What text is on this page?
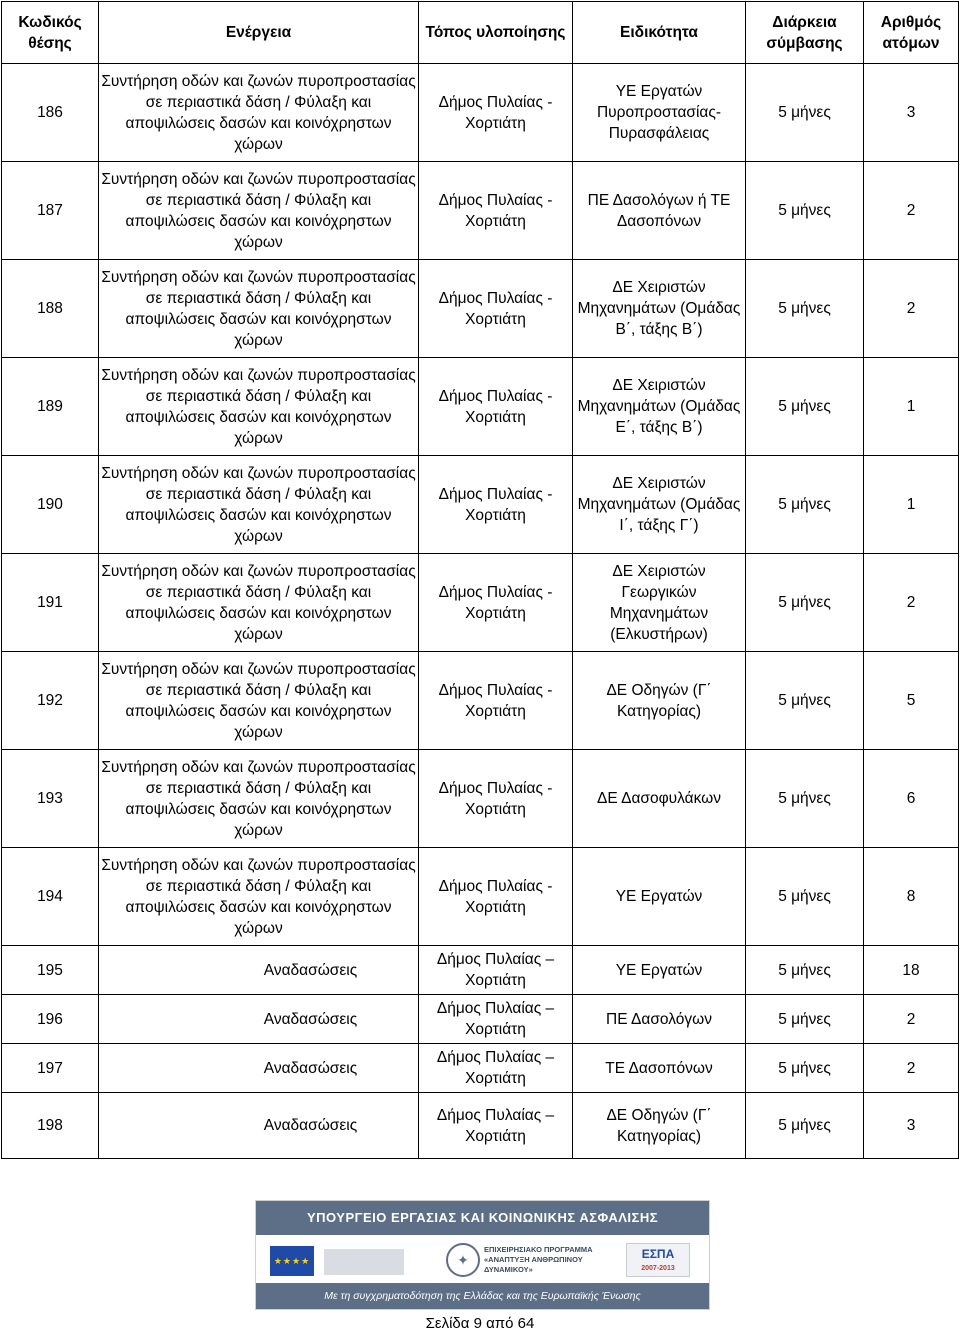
Κωδικός θέσης	Ενέργεια	Τόπος υλοποίησης	Ειδικότητα	Διάρκεια σύμβασης	Αριθμός ατόμων
186	Συντήρηση οδών και ζωνών πυροπροστασίας σε περιαστικά δάση / Φύλαξη και αποψιλώσεις δασών και κοινόχρηστων χώρων	Δήμος Πυλαίας - Χορτιάτη	ΥΕ Εργατών Πυροπροστασίας-Πυρασφάλειας	5 μήνες	3
187	Συντήρηση οδών και ζωνών πυροπροστασίας σε περιαστικά δάση / Φύλαξη και αποψιλώσεις δασών και κοινόχρηστων χώρων	Δήμος Πυλαίας - Χορτιάτη	ΠΕ Δασολόγων ή ΤΕ Δασοπόνων	5 μήνες	2
188	Συντήρηση οδών και ζωνών πυροπροστασίας σε περιαστικά δάση / Φύλαξη και αποψιλώσεις δασών και κοινόχρηστων χώρων	Δήμος Πυλαίας - Χορτιάτη	ΔΕ Χειριστών Μηχανημάτων (Ομάδας Β΄, τάξης Β΄)	5 μήνες	2
189	Συντήρηση οδών και ζωνών πυροπροστασίας σε περιαστικά δάση / Φύλαξη και αποψιλώσεις δασών και κοινόχρηστων χώρων	Δήμος Πυλαίας - Χορτιάτη	ΔΕ Χειριστών Μηχανημάτων (Ομάδας Ε΄, τάξης Β΄)	5 μήνες	1
190	Συντήρηση οδών και ζωνών πυροπροστασίας σε περιαστικά δάση / Φύλαξη και αποψιλώσεις δασών και κοινόχρηστων χώρων	Δήμος Πυλαίας - Χορτιάτη	ΔΕ Χειριστών Μηχανημάτων (Ομάδας Ι΄, τάξης Γ΄)	5 μήνες	1
191	Συντήρηση οδών και ζωνών πυροπροστασίας σε περιαστικά δάση / Φύλαξη και αποψιλώσεις δασών και κοινόχρηστων χώρων	Δήμος Πυλαίας - Χορτιάτη	ΔΕ Χειριστών Γεωργικών Μηχανημάτων (Ελκυστήρων)	5 μήνες	2
192	Συντήρηση οδών και ζωνών πυροπροστασίας σε περιαστικά δάση / Φύλαξη και αποψιλώσεις δασών και κοινόχρηστων χώρων	Δήμος Πυλαίας - Χορτιάτη	ΔΕ Οδηγών (Γ΄ Κατηγορίας)	5 μήνες	5
193	Συντήρηση οδών και ζωνών πυροπροστασίας σε περιαστικά δάση / Φύλαξη και αποψιλώσεις δασών και κοινόχρηστων χώρων	Δήμος Πυλαίας - Χορτιάτη	ΔΕ Δασοφυλάκων	5 μήνες	6
194	Συντήρηση οδών και ζωνών πυροπροστασίας σε περιαστικά δάση / Φύλαξη και αποψιλώσεις δασών και κοινόχρηστων χώρων	Δήμος Πυλαίας - Χορτιάτη	ΥΕ Εργατών	5 μήνες	8
195	Αναδασώσεις	Δήμος Πυλαίας – Χορτιάτη	ΥΕ Εργατών	5 μήνες	18
196	Αναδασώσεις	Δήμος Πυλαίας – Χορτιάτη	ΠΕ Δασολόγων	5 μήνες	2
197	Αναδασώσεις	Δήμος Πυλαίας – Χορτιάτη	ΤΕ Δασοπόνων	5 μήνες	2
198	Αναδασώσεις	Δήμος Πυλαίας – Χορτιάτη	ΔΕ Οδηγών (Γ΄ Κατηγορίας)	5 μήνες	3
ΥΠΟΥΡΓΕΙΟ ΕΡΓΑΣΙΑΣ ΚΑΙ ΚΟΙΝΩΝΙΚΗΣ ΑΣΦΑΛΙΣΗΣ
★★★★	✦
ΕΠΙΧΕΙΡΗΣΙΑΚΟ ΠΡΟΓΡΑΜΜΑ «ΑΝΑΠΤΥΞΗ ΑΝΘΡΩΠΙΝΟΥ ΔΥΝΑΜΙΚΟΥ»
ΕΣΠΑ
2007-2013
Με τη συγχρηματοδότηση της Ελλάδας και της Ευρωπαϊκής Ένωσης
Σελίδα 9 από 64
